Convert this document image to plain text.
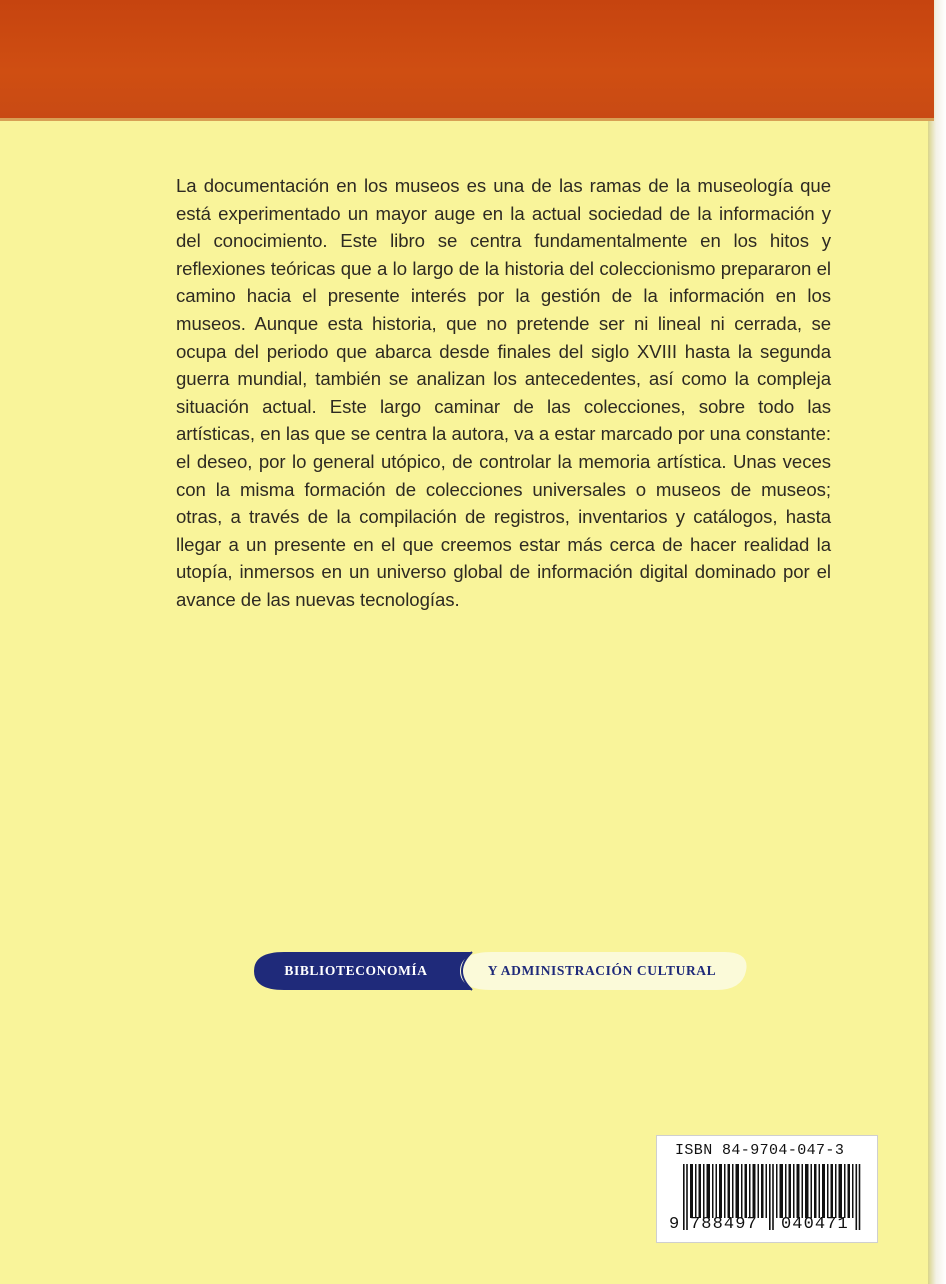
La documentación en los museos es una de las ramas de la museología que está experimentado un mayor auge en la actual sociedad de la información y del conocimiento. Este libro se centra fundamentalmente en los hitos y reflexiones teóricas que a lo largo de la historia del coleccionismo prepararon el camino hacia el presente interés por la gestión de la información en los museos. Aunque esta historia, que no pretende ser ni lineal ni cerrada, se ocupa del periodo que abarca desde finales del siglo XVIII hasta la segunda guerra mundial, también se analizan los antecedentes, así como la compleja situación actual. Este largo caminar de las colecciones, sobre todo las artísticas, en las que se centra la autora, va a estar marcado por una constante: el deseo, por lo general utópico, de controlar la memoria artística. Unas veces con la misma formación de colecciones universales o museos de museos; otras, a través de la compilación de registros, inventarios y catálogos, hasta llegar a un presente en el que creemos estar más cerca de hacer realidad la utopía, inmersos en un universo global de información digital dominado por el avance de las nuevas tecnologías.

BIBLIOTECONOMÍA	Y ADMINISTRACIÓN CULTURAL
ISBN 84-9704-047-3
9 788497	040471
